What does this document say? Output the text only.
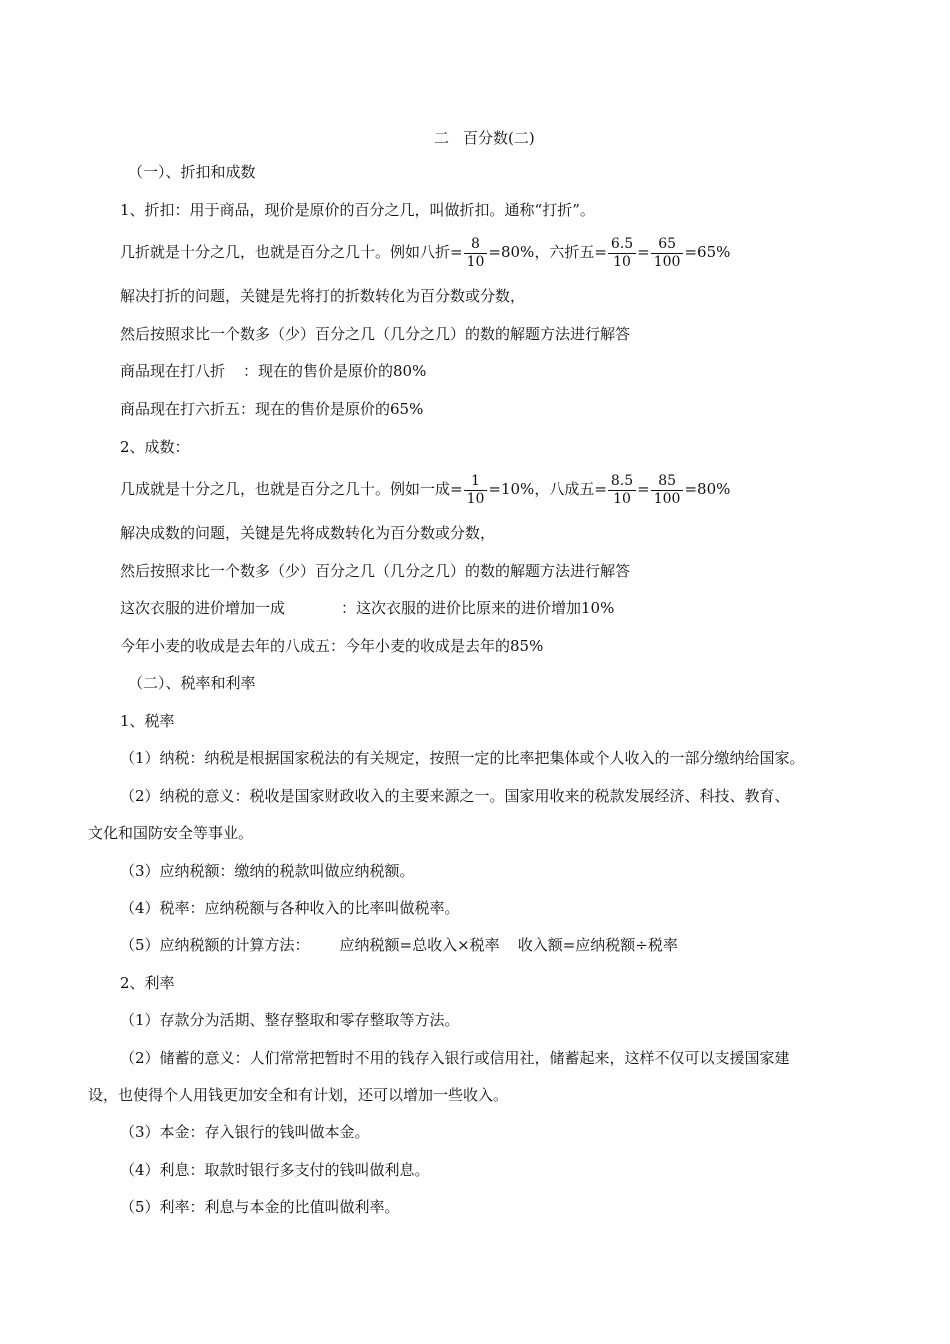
二 百分数(二)
（一）、折扣和成数
1、折扣：用于商品，现价是原价的百分之几，叫做折扣。通称“打折”。
几折就是十分之几，也就是百分之几十。例如八折= $\frac{8}{10} =80\%$，六折五= $\frac{6.5}{10} = \frac{65}{100} =65\%$
解决打折的问题，关键是先将打的折数转化为百分数或分数，
然后按照求比一个数多（少）百分之几（几分之几）的数的解题方法进行解答
商品现在打八折 ：现在的售价是原价的80%
商品现在打六折五：现在的售价是原价的65%
2、成数：
几成就是十分之几，也就是百分之几十。例如一成= $\frac{1}{10} =10\%$，八成五= $\frac{8.5}{10} = \frac{85}{100} =80\%$
解决成数的问题，关键是先将成数转化为百分数或分数，
然后按照求比一个数多（少）百分之几（几分之几）的数的解题方法进行解答
这次衣服的进价增加一成	：这次衣服的进价比原来的进价增加10%
今年小麦的收成是去年的八成五：今年小麦的收成是去年的85%
（二）、税率和利率
1、税率
（1）纳税：纳税是根据国家税法的有关规定，按照一定的比率把集体或个人收入的一部分缴纳给国家。
（2）纳税的意义：税收是国家财政收入的主要来源之一。国家用收来的税款发展经济、科技、教育、
文化和国防安全等事业。
（3）应纳税额：缴纳的税款叫做应纳税额。
（4）税率：应纳税额与各种收入的比率叫做税率。
（5）应纳税额的计算方法： 应纳税额=总收入×税率 收入额=应纳税额÷税率
2、利率
（1）存款分为活期、整存整取和零存整取等方法。
（2）储蓄的意义：人们常常把暂时不用的钱存入银行或信用社，储蓄起来，这样不仅可以支援国家建
设，也使得个人用钱更加安全和有计划，还可以增加一些收入。
（3）本金：存入银行的钱叫做本金。
（4）利息：取款时银行多支付的钱叫做利息。
（5）利率：利息与本金的比值叫做利率。
